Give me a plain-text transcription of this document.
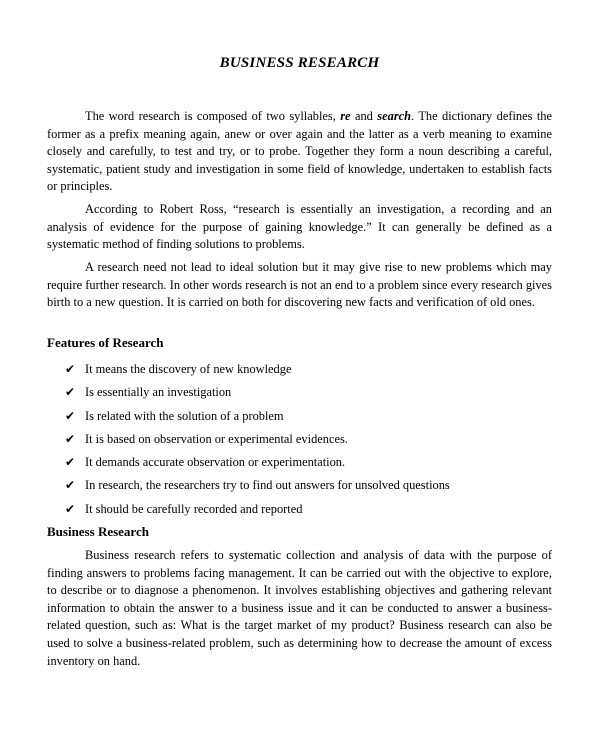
BUSINESS RESEARCH

The word research is composed of two syllables, re and search. The dictionary defines the former as a prefix meaning again, anew or over again and the latter as a verb meaning to examine closely and carefully, to test and try, or to probe. Together they form a noun describing a careful, systematic, patient study and investigation in some field of knowledge, undertaken to establish facts or principles.

According to Robert Ross, “research is essentially an investigation, a recording and an analysis of evidence for the purpose of gaining knowledge.” It can generally be defined as a systematic method of finding solutions to problems.

A research need not lead to ideal solution but it may give rise to new problems which may require further research. In other words research is not an end to a problem since every research gives birth to a new question. It is carried on both for discovering new facts and verification of old ones.

Features of Research
✔ It means the discovery of new knowledge
✔ Is essentially an investigation
✔ Is related with the solution of a problem
✔ It is based on observation or experimental evidences.
✔ It demands accurate observation or experimentation.
✔ In research, the researchers try to find out answers for unsolved questions
✔ It should be carefully recorded and reported
Business Research

Business research refers to systematic collection and analysis of data with the purpose of finding answers to problems facing management. It can be carried out with the objective to explore, to describe or to diagnose a phenomenon. It involves establishing objectives and gathering relevant information to obtain the answer to a business issue and it can be conducted to answer a business-related question, such as: What is the target market of my product? Business research can also be used to solve a business-related problem, such as determining how to decrease the amount of excess inventory on hand.
